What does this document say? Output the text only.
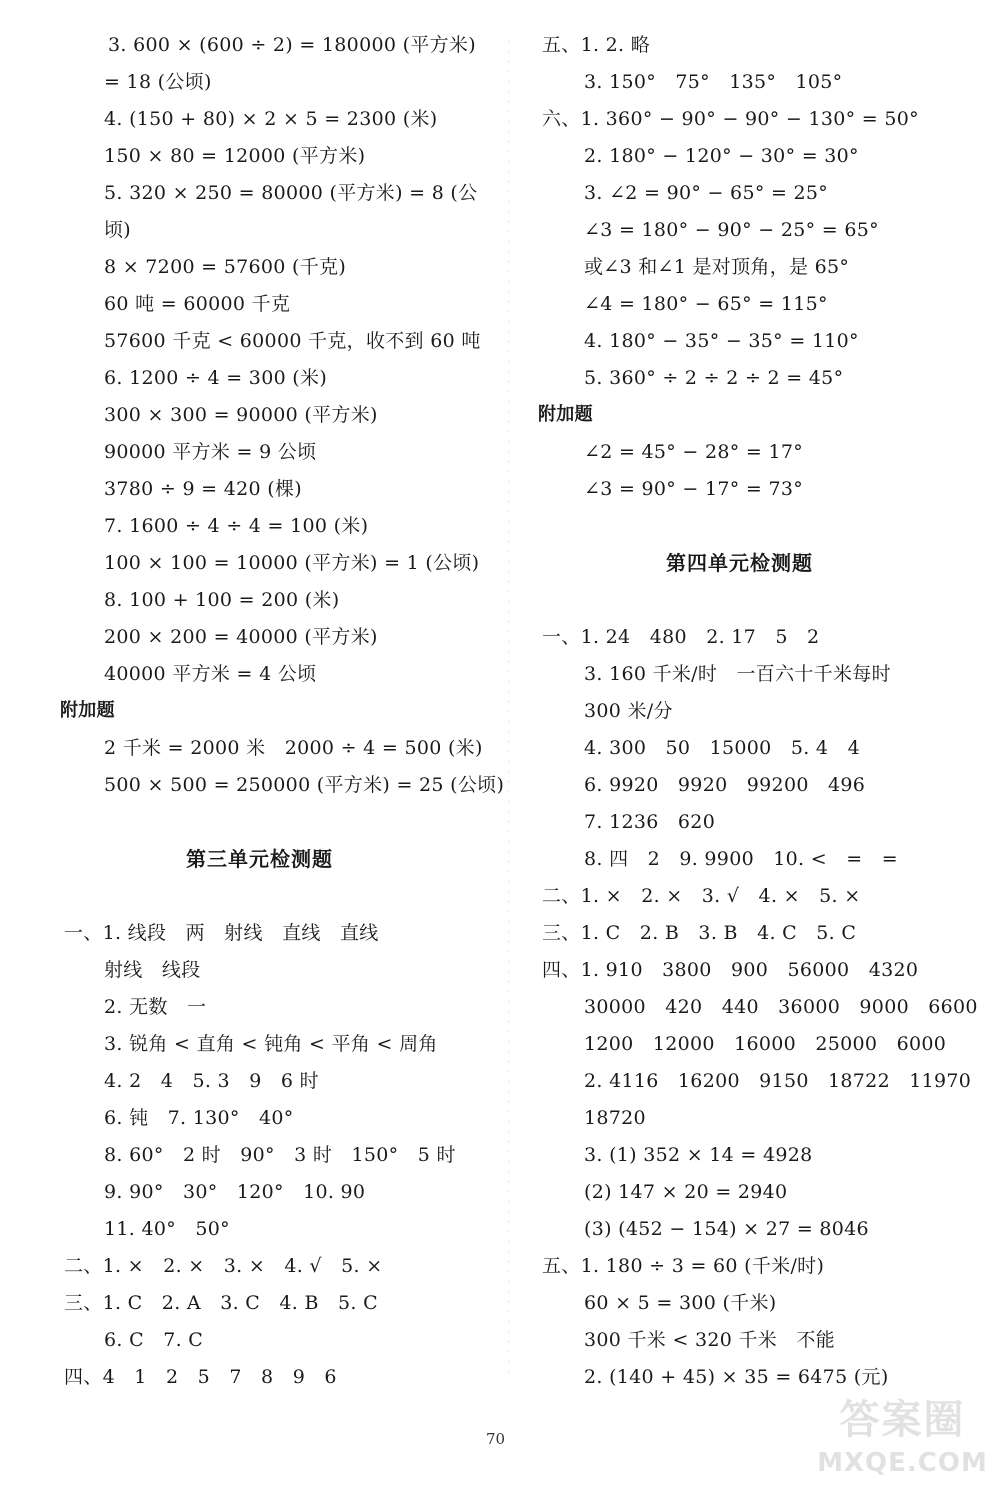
3. 600 × (600 ÷ 2) = 180000 (平方米)
= 18 (公顷)
4. (150 + 80) × 2 × 5 = 2300 (米)
150 × 80 = 12000 (平方米)
5. 320 × 250 = 80000 (平方米) = 8 (公
顷)
8 × 7200 = 57600 (千克)
60 吨 = 60000 千克
57600 千克 < 60000 千克，收不到 60 吨
6. 1200 ÷ 4 = 300 (米)
300 × 300 = 90000 (平方米)
90000 平方米 = 9 公顷
3780 ÷ 9 = 420 (棵)
7. 1600 ÷ 4 ÷ 4 = 100 (米)
100 × 100 = 10000 (平方米) = 1 (公顷)
8. 100 + 100 = 200 (米)
200 × 200 = 40000 (平方米)
40000 平方米 = 4 公顷
附加题
2 千米 = 2000 米　2000 ÷ 4 = 500 (米)
500 × 500 = 250000 (平方米) = 25 (公顷)
第三单元检测题
一、1. 线段　两　射线　直线　直线
射线　线段
2. 无数　一
3. 锐角 < 直角 < 钝角 < 平角 < 周角
4. 2　4　5. 3　9　6 时
6. 钝　7. 130°　40°
8. 60°　2 时　90°　3 时　150°　5 时
9. 90°　30°　120°　10. 90
11. 40°　50°
二、1. ×　2. ×　3. ×　4. √　5. ×
三、1. C　2. A　3. C　4. B　5. C
6. C　7. C
四、4　1　2　5　7　8　9　6
五、1. 2. 略
3. 150°　75°　135°　105°
六、1. 360° − 90° − 90° − 130° = 50°
2. 180° − 120° − 30° = 30°
3. ∠2 = 90° − 65° = 25°
∠3 = 180° − 90° − 25° = 65°
或∠3 和∠1 是对顶角，是 65°
∠4 = 180° − 65° = 115°
4. 180° − 35° − 35° = 110°
5. 360° ÷ 2 ÷ 2 ÷ 2 = 45°
附加题
∠2 = 45° − 28° = 17°
∠3 = 90° − 17° = 73°
第四单元检测题
一、1. 24　480　2. 17　5　2
3. 160 千米/时　一百六十千米每时
300 米/分
4. 300　50　15000　5. 4　4
6. 9920　9920　99200　496
7. 1236　620
8. 四　2　9. 9900　10. <　=　=
二、1. ×　2. ×　3. √　4. ×　5. ×
三、1. C　2. B　3. B　4. C　5. C
四、1. 910　3800　900　56000　4320
30000　420　440　36000　9000　6600
1200　12000　16000　25000　6000
2. 4116　16200　9150　18722　11970
18720
3. (1) 352 × 14 = 4928
(2) 147 × 20 = 2940
(3) (452 − 154) × 27 = 8046
五、1. 180 ÷ 3 = 60 (千米/时)
60 × 5 = 300 (千米)
300 千米 < 320 千米　不能
2. (140 + 45) × 35 = 6475 (元)
70	答案圈
MXQE.COM
